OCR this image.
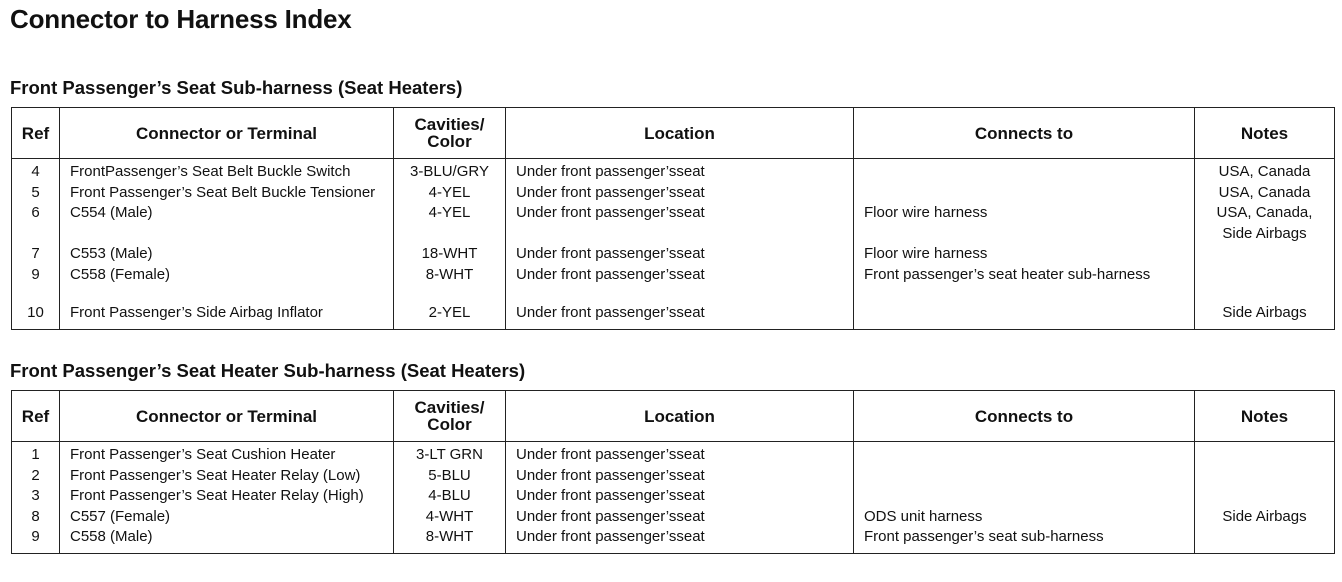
Connector to Harness Index
Front Passenger’s Seat Sub-harness (Seat Heaters)
Ref	Connector or Terminal	Cavities/
Color	Location	Connects to	Notes
4	FrontPassenger’s Seat Belt Buckle Switch	3-BLU/GRY	Under front passenger’sseat		USA, Canada
5	Front Passenger’s Seat Belt Buckle Tensioner	4-YEL	Under front passenger’sseat		USA, Canada
6	C554 (Male)	4-YEL	Under front passenger’sseat	Floor wire harness	USA, Canada,
Side Airbags
7	C553 (Male)	18-WHT	Under front passenger’sseat	Floor wire harness	
9	C558 (Female)	8-WHT	Under front passenger’sseat	Front passenger’s seat heater sub-harness	

10	Front Passenger’s Side Airbag Inflator	2-YEL	Under front passenger’sseat		Side Airbags
Front Passenger’s Seat Heater Sub-harness (Seat Heaters)
Ref	Connector or Terminal	Cavities/
Color	Location	Connects to	Notes
1	Front Passenger’s Seat Cushion Heater	3-LT GRN	Under front passenger’sseat		
2	Front Passenger’s Seat Heater Relay (Low)	5-BLU	Under front passenger’sseat		
3	Front Passenger’s Seat Heater Relay (High)	4-BLU	Under front passenger’sseat		
8	C557 (Female)	4-WHT	Under front passenger’sseat	ODS unit harness	Side Airbags
9	C558 (Male)	8-WHT	Under front passenger’sseat	Front passenger’s seat sub-harness	
